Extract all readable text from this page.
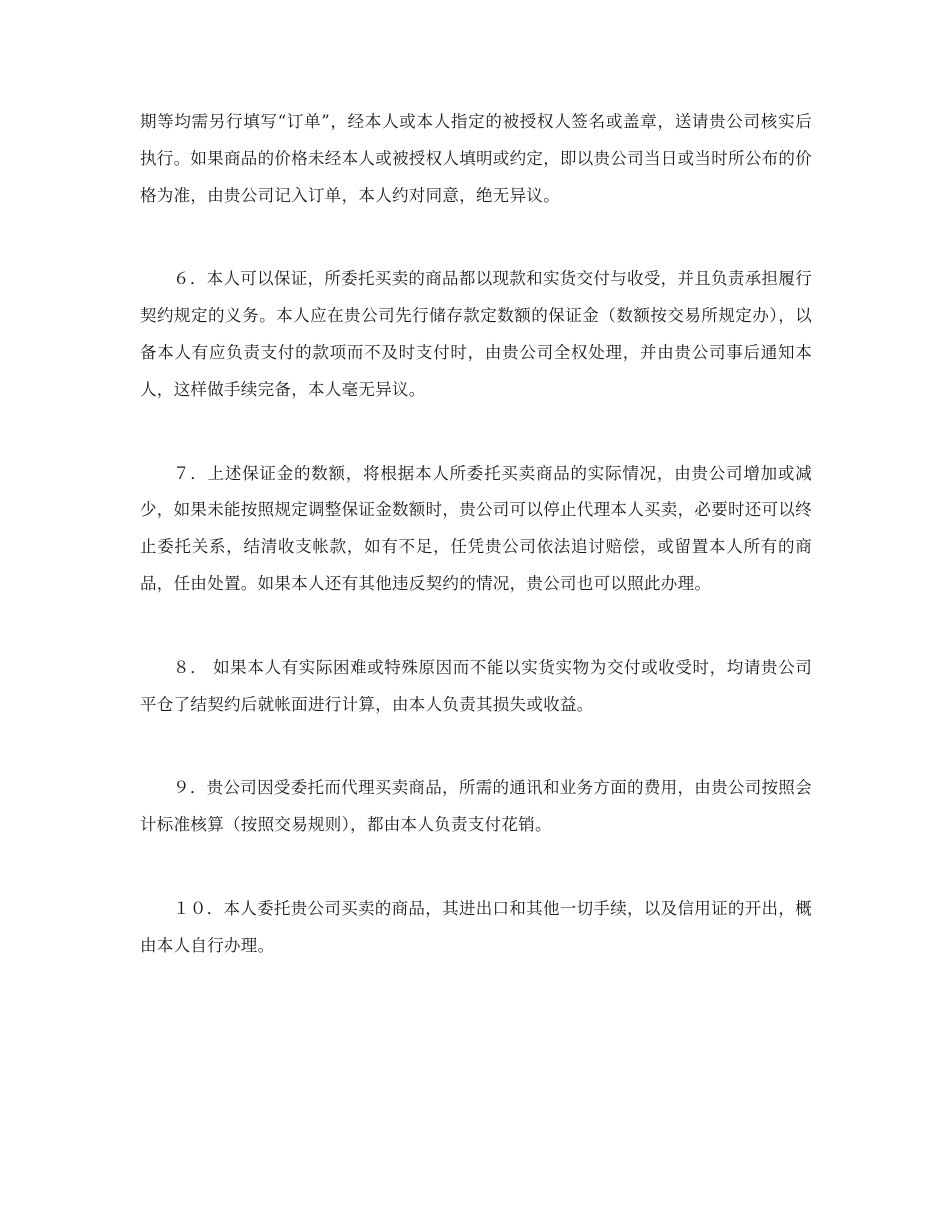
期等均需另行填写“订单”，经本人或本人指定的被授权人签名或盖章，送请贵公司核实后执行。如果商品的价格未经本人或被授权人填明或约定，即以贵公司当日或当时所公布的价格为准，由贵公司记入订单，本人约对同意，绝无异议。

６．本人可以保证，所委托买卖的商品都以现款和实货交付与收受，并且负责承担履行契约规定的义务。本人应在贵公司先行储存款定数额的保证金（数额按交易所规定办），以备本人有应负责支付的款项而不及时支付时，由贵公司全权处理，并由贵公司事后通知本人，这样做手续完备，本人毫无异议。

７．上述保证金的数额，将根据本人所委托买卖商品的实际情况，由贵公司增加或减少，如果未能按照规定调整保证金数额时，贵公司可以停止代理本人买卖，必要时还可以终止委托关系，结清收支帐款，如有不足，任凭贵公司依法追讨赔偿，或留置本人所有的商品，任由处置。如果本人还有其他违反契约的情况，贵公司也可以照此办理。

８． 如果本人有实际困难或特殊原因而不能以实货实物为交付或收受时，均请贵公司平仓了结契约后就帐面进行计算，由本人负责其损失或收益。

９．贵公司因受委托而代理买卖商品，所需的通讯和业务方面的费用，由贵公司按照会计标准核算（按照交易规则），都由本人负责支付花销。

１０．本人委托贵公司买卖的商品，其进出口和其他一切手续，以及信用证的开出，概由本人自行办理。
